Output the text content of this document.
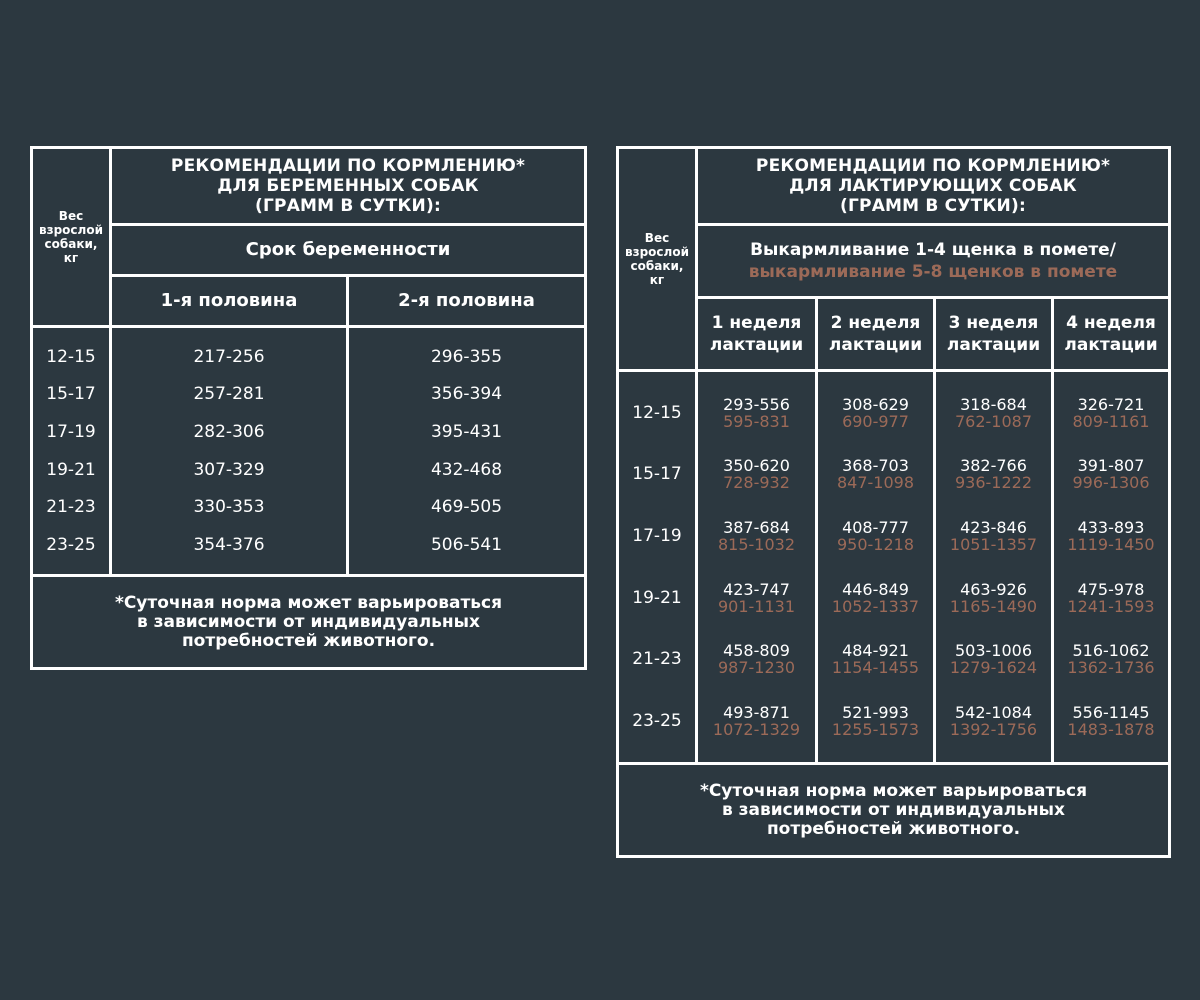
Вес
взрослой
собаки,
кг
РЕКОМЕНДАЦИИ ПО КОРМЛЕНИЮ*
ДЛЯ БЕРЕМЕННЫХ СОБАК
(ГРАММ В СУТКИ):
Срок беременности
1-я половина	2-я половина
12-15
15-17
17-19
19-21
21-23
23-25
217-256
257-281
282-306
307-329
330-353
354-376
296-355
356-394
395-431
432-468
469-505
506-541
*Суточная норма может варьироваться
в зависимости от индивидуальных
потребностей животного.
Вес
взрослой
собаки,
кг
РЕКОМЕНДАЦИИ ПО КОРМЛЕНИЮ*
ДЛЯ ЛАКТИРУЮЩИХ СОБАК
(ГРАММ В СУТКИ):
Выкармливание 1-4 щенка в помете/
выкармливание 5-8 щенков в помете
1 неделя
лактации
2 неделя
лактации
3 неделя
лактации
4 неделя
лактации
12-15
15-17
17-19
19-21
21-23
23-25
293-556
595-831
350-620
728-932
387-684
815-1032
423-747
901-1131
458-809
987-1230
493-871
1072-1329
308-629
690-977
368-703
847-1098
408-777
950-1218
446-849
1052-1337
484-921
1154-1455
521-993
1255-1573
318-684
762-1087
382-766
936-1222
423-846
1051-1357
463-926
1165-1490
503-1006
1279-1624
542-1084
1392-1756
326-721
809-1161
391-807
996-1306
433-893
1119-1450
475-978
1241-1593
516-1062
1362-1736
556-1145
1483-1878
*Суточная норма может варьироваться
в зависимости от индивидуальных
потребностей животного.
